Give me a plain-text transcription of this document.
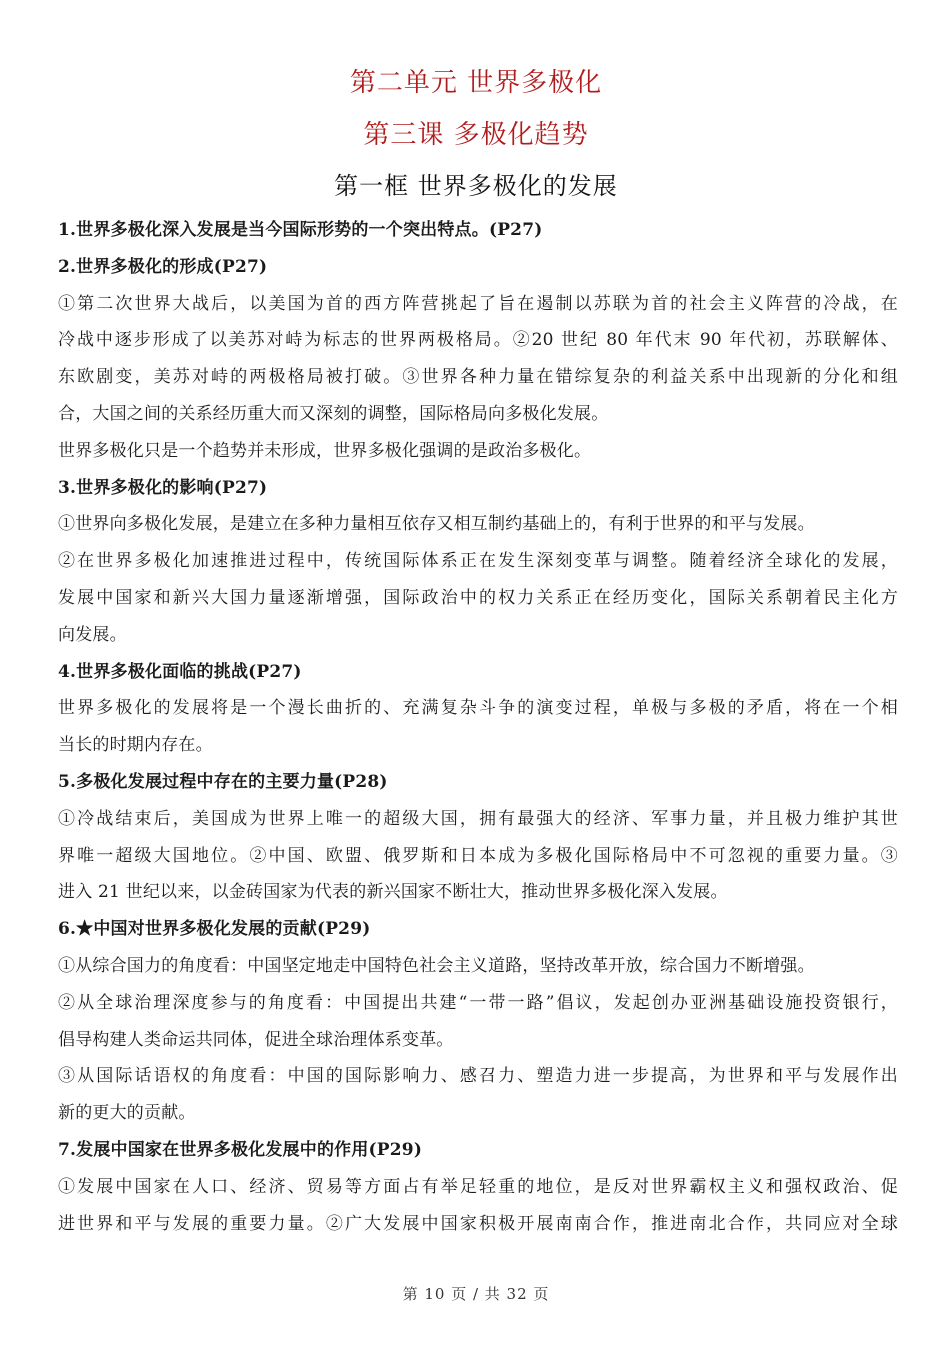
第二单元 世界多极化
第三课 多极化趋势
第一框 世界多极化的发展
1.世界多极化深入发展是当今国际形势的一个突出特点。(P27)
2.世界多极化的形成(P27)
①第二次世界大战后，以美国为首的西方阵营挑起了旨在遏制以苏联为首的社会主义阵营的冷战，在
冷战中逐步形成了以美苏对峙为标志的世界两极格局。②20 世纪 80 年代末 90 年代初，苏联解体、
东欧剧变，美苏对峙的两极格局被打破。③世界各种力量在错综复杂的利益关系中出现新的分化和组
合，大国之间的关系经历重大而又深刻的调整，国际格局向多极化发展。
世界多极化只是一个趋势并未形成，世界多极化强调的是政治多极化。
3.世界多极化的影响(P27)
①世界向多极化发展，是建立在多种力量相互依存又相互制约基础上的，有利于世界的和平与发展。
②在世界多极化加速推进过程中，传统国际体系正在发生深刻变革与调整。随着经济全球化的发展，
发展中国家和新兴大国力量逐渐增强，国际政治中的权力关系正在经历变化，国际关系朝着民主化方
向发展。
4.世界多极化面临的挑战(P27)
世界多极化的发展将是一个漫长曲折的、充满复杂斗争的演变过程，单极与多极的矛盾，将在一个相
当长的时期内存在。
5.多极化发展过程中存在的主要力量(P28)
①冷战结束后，美国成为世界上唯一的超级大国，拥有最强大的经济、军事力量，并且极力维护其世
界唯一超级大国地位。②中国、欧盟、俄罗斯和日本成为多极化国际格局中不可忽视的重要力量。③
进入 21 世纪以来，以金砖国家为代表的新兴国家不断壮大，推动世界多极化深入发展。
6.★中国对世界多极化发展的贡献(P29)
①从综合国力的角度看：中国坚定地走中国特色社会主义道路，坚持改革开放，综合国力不断增强。
②从全球治理深度参与的角度看：中国提出共建“一带一路”倡议，发起创办亚洲基础设施投资银行，
倡导构建人类命运共同体，促进全球治理体系变革。
③从国际话语权的角度看：中国的国际影响力、感召力、塑造力进一步提高，为世界和平与发展作出
新的更大的贡献。
7.发展中国家在世界多极化发展中的作用(P29)
①发展中国家在人口、经济、贸易等方面占有举足轻重的地位，是反对世界霸权主义和强权政治、促
进世界和平与发展的重要力量。②广大发展中国家积极开展南南合作，推进南北合作，共同应对全球
第 10 页 / 共 32 页
